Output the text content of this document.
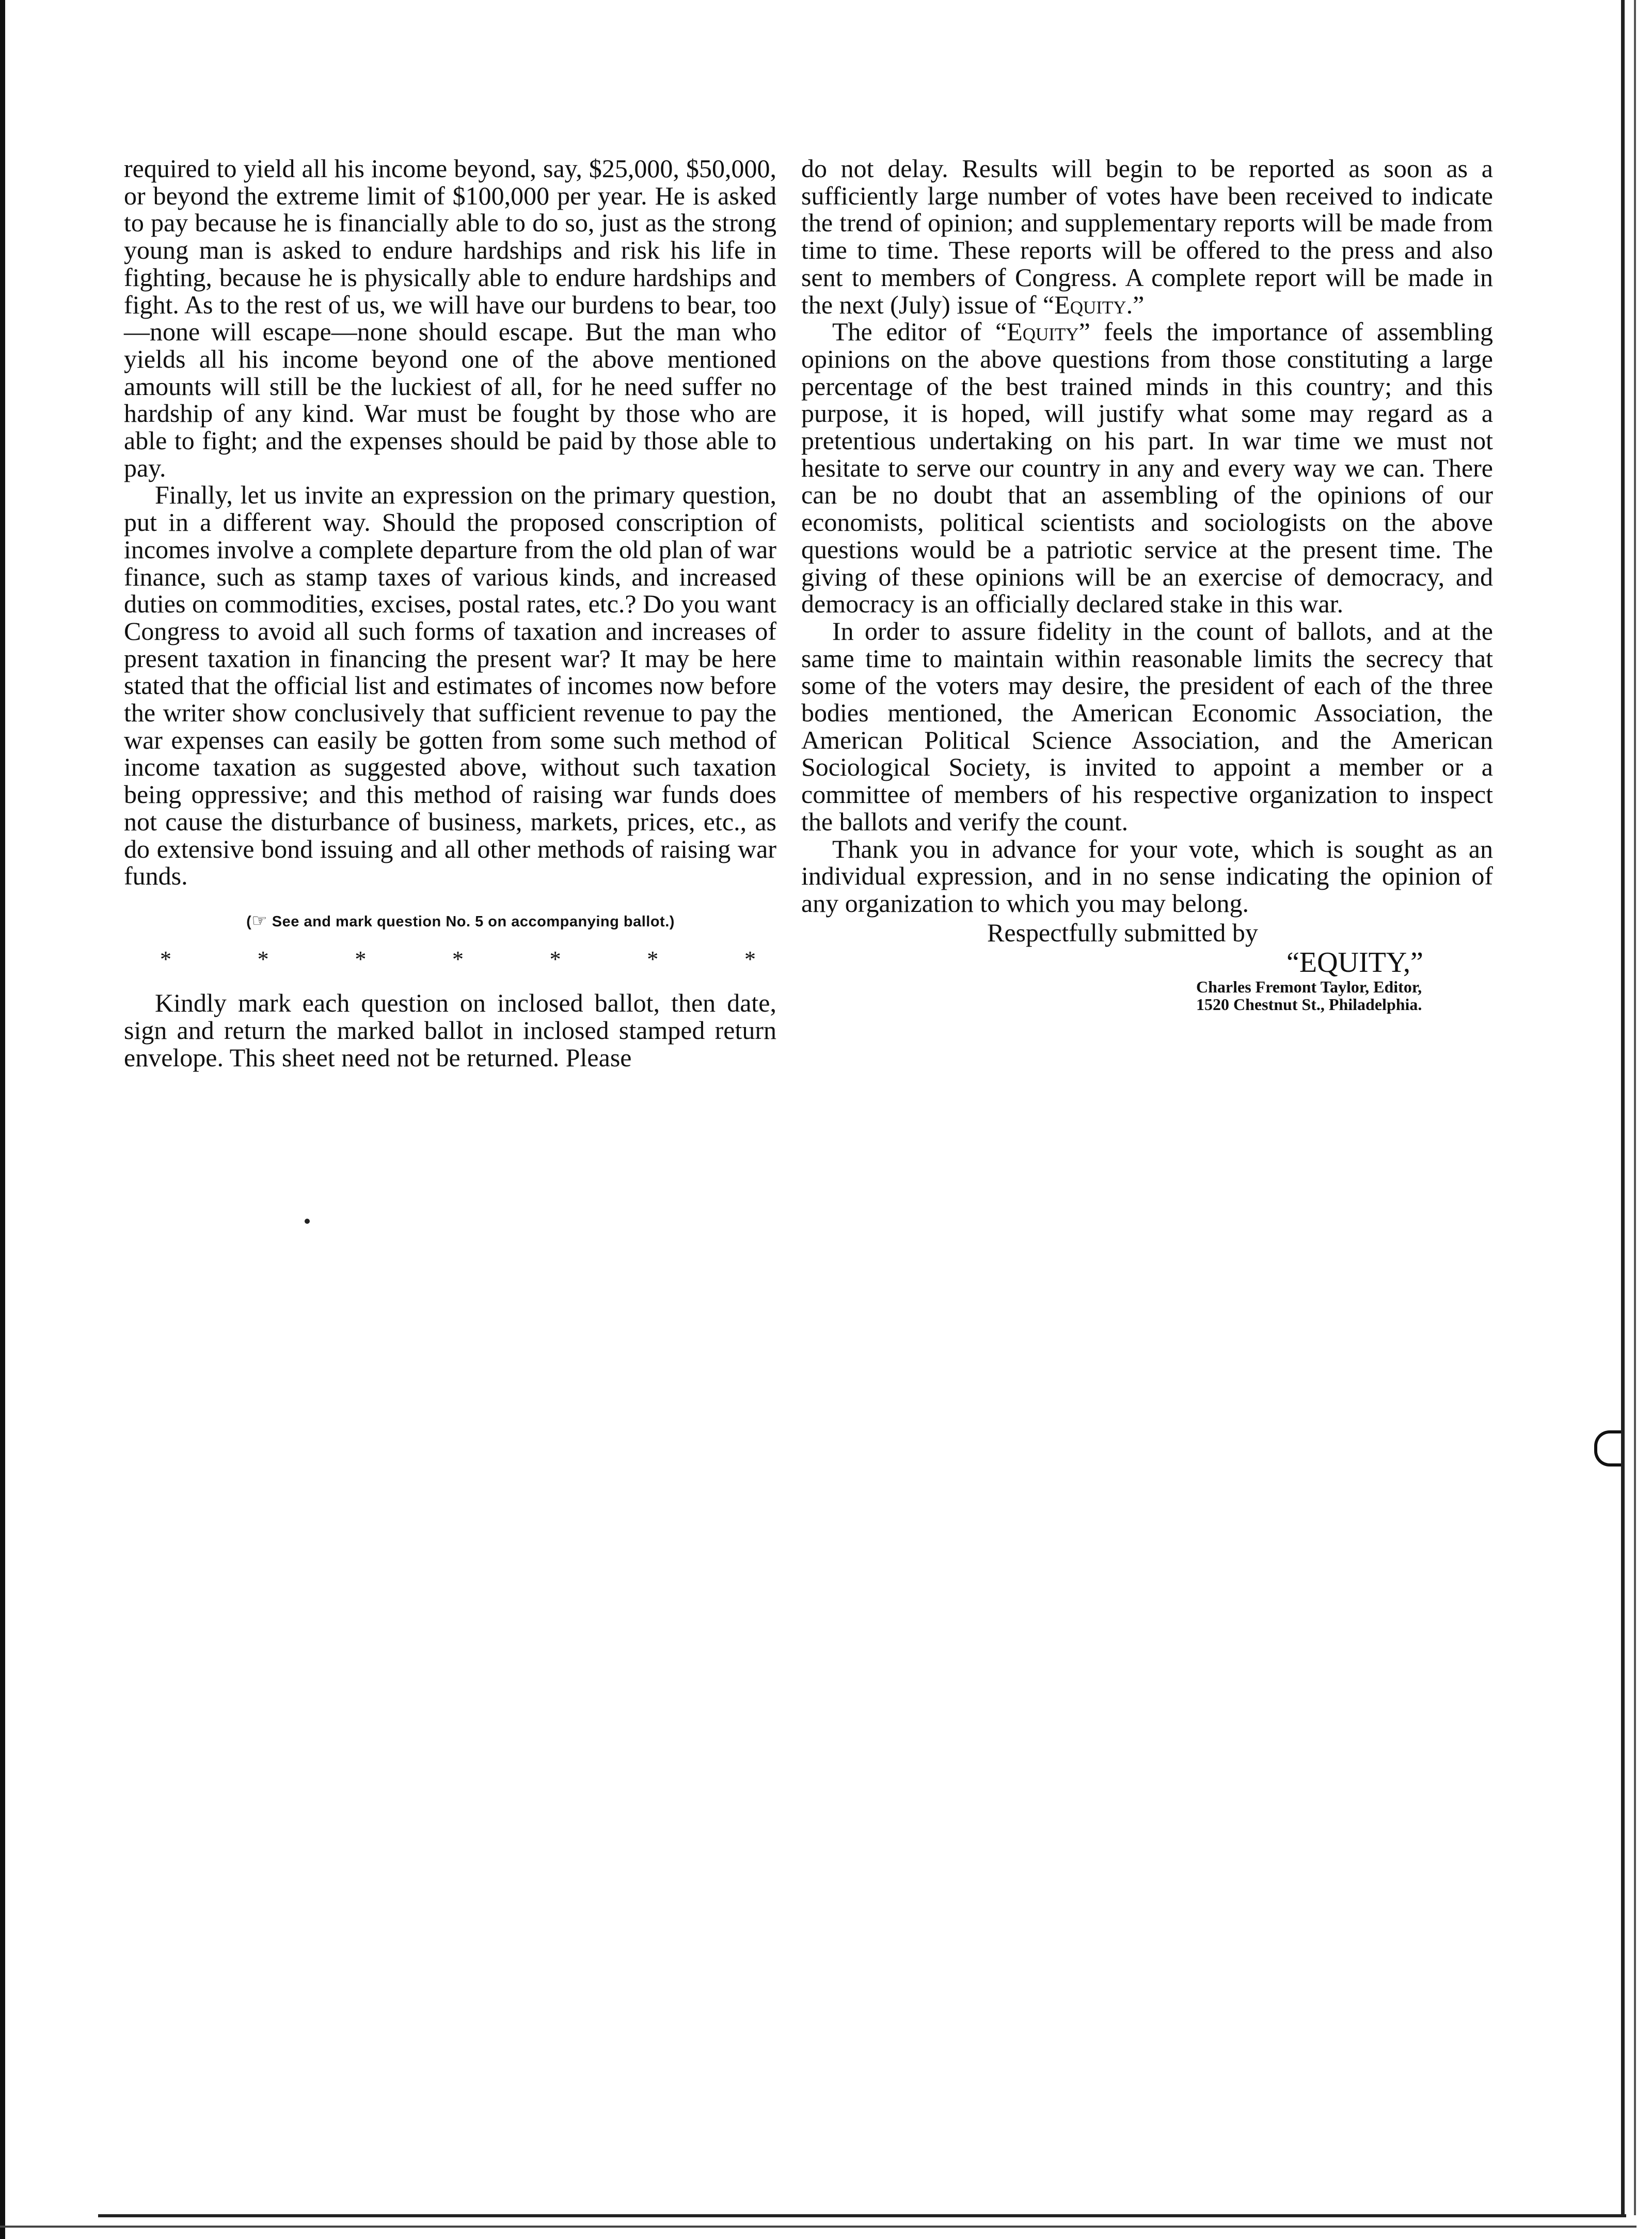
required to yield all his income beyond, say, $25,000, $50,000, or beyond the extreme limit of $100,000 per year. He is asked to pay because he is financially able to do so, just as the strong young man is asked to endure hardships and risk his life in fighting, because he is physically able to endure hardships and fight. As to the rest of us, we will have our burdens to bear, too—none will escape—none should escape. But the man who yields all his income beyond one of the above mentioned amounts will still be the luckiest of all, for he need suffer no hardship of any kind. War must be fought by those who are able to fight; and the expenses should be paid by those able to pay.

Finally, let us invite an expression on the primary question, put in a different way. Should the proposed conscription of incomes involve a complete departure from the old plan of war finance, such as stamp taxes of various kinds, and increased duties on commodities, excises, postal rates, etc.? Do you want Congress to avoid all such forms of taxation and increases of present taxation in financing the present war? It may be here stated that the official list and estimates of incomes now before the writer show conclusively that sufficient revenue to pay the war expenses can easily be gotten from some such method of income taxation as suggested above, without such taxation being oppressive; and this method of raising war funds does not cause the disturbance of business, markets, prices, etc., as do extensive bond issuing and all other methods of raising war funds.

(☞ See and mark question No. 5 on accompanying ballot.)
*	*	*	*	*	*	*

Kindly mark each question on inclosed ballot, then date, sign and return the marked ballot in inclosed stamped return envelope. This sheet need not be returned. Please

do not delay. Results will begin to be reported as soon as a sufficiently large number of votes have been received to indicate the trend of opinion; and supplementary reports will be made from time to time. These reports will be offered to the press and also sent to members of Congress. A complete report will be made in the next (July) issue of “Equity.”

The editor of “Equity” feels the importance of assembling opinions on the above questions from those constituting a large percentage of the best trained minds in this country; and this purpose, it is hoped, will justify what some may regard as a pretentious undertaking on his part. In war time we must not hesitate to serve our country in any and every way we can. There can be no doubt that an assembling of the opinions of our economists, political scientists and sociologists on the above questions would be a patriotic service at the present time. The giving of these opinions will be an exercise of democracy, and democracy is an officially declared stake in this war.

In order to assure fidelity in the count of ballots, and at the same time to maintain within reasonable limits the secrecy that some of the voters may desire, the president of each of the three bodies mentioned, the American Economic Association, the American Political Science Association, and the American Sociological Society, is invited to appoint a member or a committee of members of his respective organization to inspect the ballots and verify the count.

Thank you in advance for your vote, which is sought as an individual expression, and in no sense indicating the opinion of any organization to which you may belong.

Respectfully submitted by
“EQUITY,”
Charles Fremont Taylor, Editor,
1520 Chestnut St., Philadelphia.
